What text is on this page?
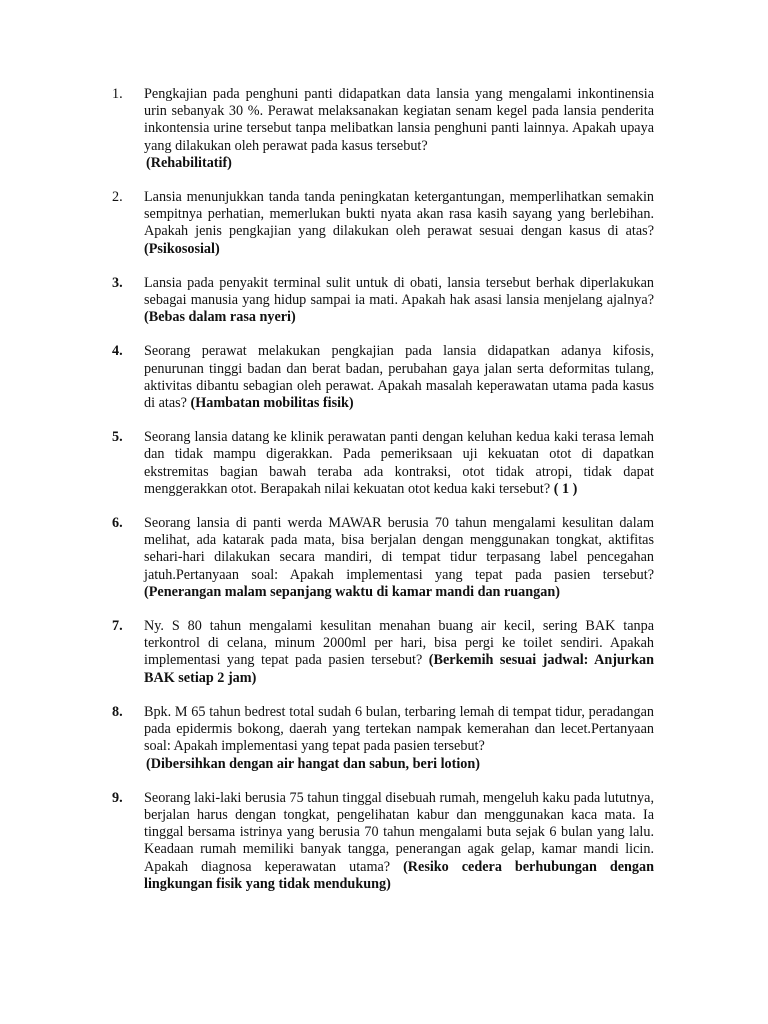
1.	Pengkajian pada penghuni panti didapatkan data lansia yang mengalami inkontinensia urin sebanyak 30 %. Perawat melaksanakan kegiatan senam kegel pada lansia penderita inkontensia urine tersebut tanpa melibatkan lansia penghuni panti lainnya. Apakah upaya yang dilakukan oleh perawat pada kasus tersebut?
(Rehabilitatif)
2.	Lansia menunjukkan tanda tanda peningkatan ketergantungan, memperlihatkan semakin sempitnya perhatian, memerlukan bukti nyata akan rasa kasih sayang yang berlebihan. Apakah jenis pengkajian yang dilakukan oleh perawat sesuai dengan kasus di atas? (Psikososial)
3.	Lansia pada penyakit terminal sulit untuk di obati, lansia tersebut berhak diperlakukan sebagai manusia yang hidup sampai ia mati. Apakah hak asasi lansia menjelang ajalnya? (Bebas dalam rasa nyeri)
4.	Seorang perawat melakukan pengkajian pada lansia didapatkan adanya kifosis, penurunan tinggi badan dan berat badan, perubahan gaya jalan serta deformitas tulang, aktivitas dibantu sebagian oleh perawat. Apakah masalah keperawatan utama pada kasus di atas? (Hambatan mobilitas fisik)
5.	Seorang lansia datang ke klinik perawatan panti dengan keluhan kedua kaki terasa lemah dan tidak mampu digerakkan. Pada pemeriksaan uji kekuatan otot di dapatkan ekstremitas bagian bawah teraba ada kontraksi, otot tidak atropi, tidak dapat menggerakkan otot. Berapakah nilai kekuatan otot kedua kaki tersebut? ( 1 )
6.	Seorang lansia di panti werda MAWAR berusia 70 tahun mengalami kesulitan dalam melihat, ada katarak pada mata, bisa berjalan dengan menggunakan tongkat, aktifitas sehari-hari dilakukan secara mandiri, di tempat tidur terpasang label pencegahan jatuh.Pertanyaan soal: Apakah implementasi yang tepat pada pasien tersebut? (Penerangan malam sepanjang waktu di kamar mandi dan ruangan)
7.	Ny. S 80 tahun mengalami kesulitan menahan buang air kecil, sering BAK tanpa terkontrol di celana, minum 2000ml per hari, bisa pergi ke toilet sendiri. Apakah implementasi yang tepat pada pasien tersebut? (Berkemih sesuai jadwal: Anjurkan BAK setiap 2 jam)
8.	Bpk. M 65 tahun bedrest total sudah 6 bulan, terbaring lemah di tempat tidur, peradangan pada epidermis bokong, daerah yang tertekan nampak kemerahan dan lecet.Pertanyaan soal: Apakah implementasi yang tepat pada pasien tersebut?
(Dibersihkan dengan air hangat dan sabun, beri lotion)
9.	Seorang laki-laki berusia 75 tahun tinggal disebuah rumah, mengeluh kaku pada lututnya, berjalan harus dengan tongkat, pengelihatan kabur dan menggunakan kaca mata. Ia tinggal bersama istrinya yang berusia 70 tahun mengalami buta sejak 6 bulan yang lalu. Keadaan rumah memiliki banyak tangga, penerangan agak gelap, kamar mandi licin. Apakah diagnosa keperawatan utama? (Resiko cedera berhubungan dengan lingkungan fisik yang tidak mendukung)
